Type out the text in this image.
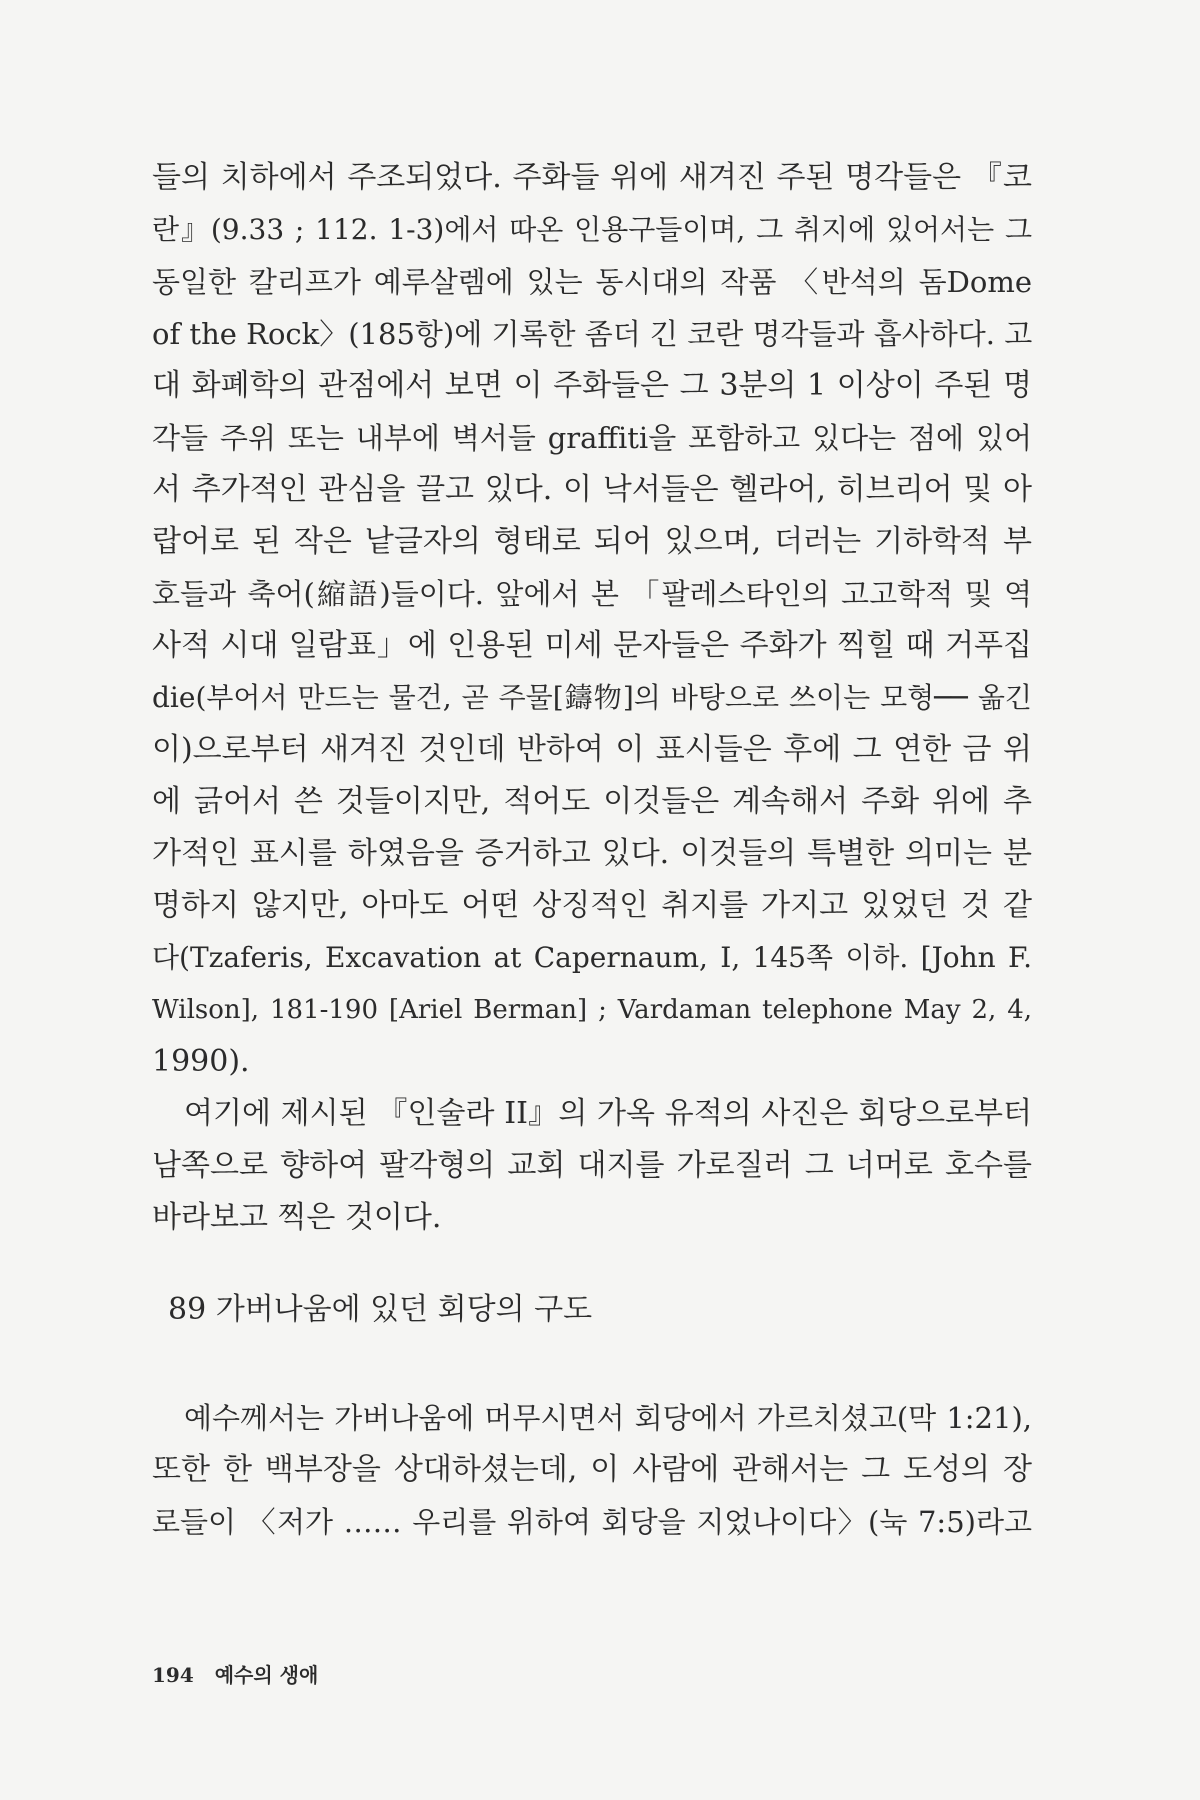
들의 치하에서 주조되었다. 주화들 위에 새겨진 주된 명각들은 『코
란』(9.33 ; 112. 1-3)에서 따온 인용구들이며, 그 취지에 있어서는 그
동일한 칼리프가 예루살렘에 있는 동시대의 작품 〈반석의 돔Dome
of the Rock〉(185항)에 기록한 좀더 긴 코란 명각들과 흡사하다. 고
대 화폐학의 관점에서 보면 이 주화들은 그 3분의 1 이상이 주된 명
각들 주위 또는 내부에 벽서들 graffiti을 포함하고 있다는 점에 있어
서 추가적인 관심을 끌고 있다. 이 낙서들은 헬라어, 히브리어 및 아
랍어로 된 작은 낱글자의 형태로 되어 있으며, 더러는 기하학적 부
호들과 축어(縮語)들이다. 앞에서 본 「팔레스타인의 고고학적 및 역
사적 시대 일람표」에 인용된 미세 문자들은 주화가 찍힐 때 거푸집
die(부어서 만드는 물건, 곧 주물[鑄物]의 바탕으로 쓰이는 모형── 옮긴
이)으로부터 새겨진 것인데 반하여 이 표시들은 후에 그 연한 금 위
에 긁어서 쓴 것들이지만, 적어도 이것들은 계속해서 주화 위에 추
가적인 표시를 하였음을 증거하고 있다. 이것들의 특별한 의미는 분
명하지 않지만, 아마도 어떤 상징적인 취지를 가지고 있었던 것 같
다(Tzaferis, Excavation at Capernaum, I, 145쪽 이하. [John F.
Wilson], 181-190 [Ariel Berman] ; Vardaman telephone May 2, 4,
1990).
여기에 제시된 『인술라 II』의 가옥 유적의 사진은 회당으로부터
남쪽으로 향하여 팔각형의 교회 대지를 가로질러 그 너머로 호수를
바라보고 찍은 것이다.
89 가버나움에 있던 회당의 구도
예수께서는 가버나움에 머무시면서 회당에서 가르치셨고(막 1:21),
또한 한 백부장을 상대하셨는데, 이 사람에 관해서는 그 도성의 장
로들이 〈저가 …… 우리를 위하여 회당을 지었나이다〉(눅 7:5)라고
194 예수의 생애
